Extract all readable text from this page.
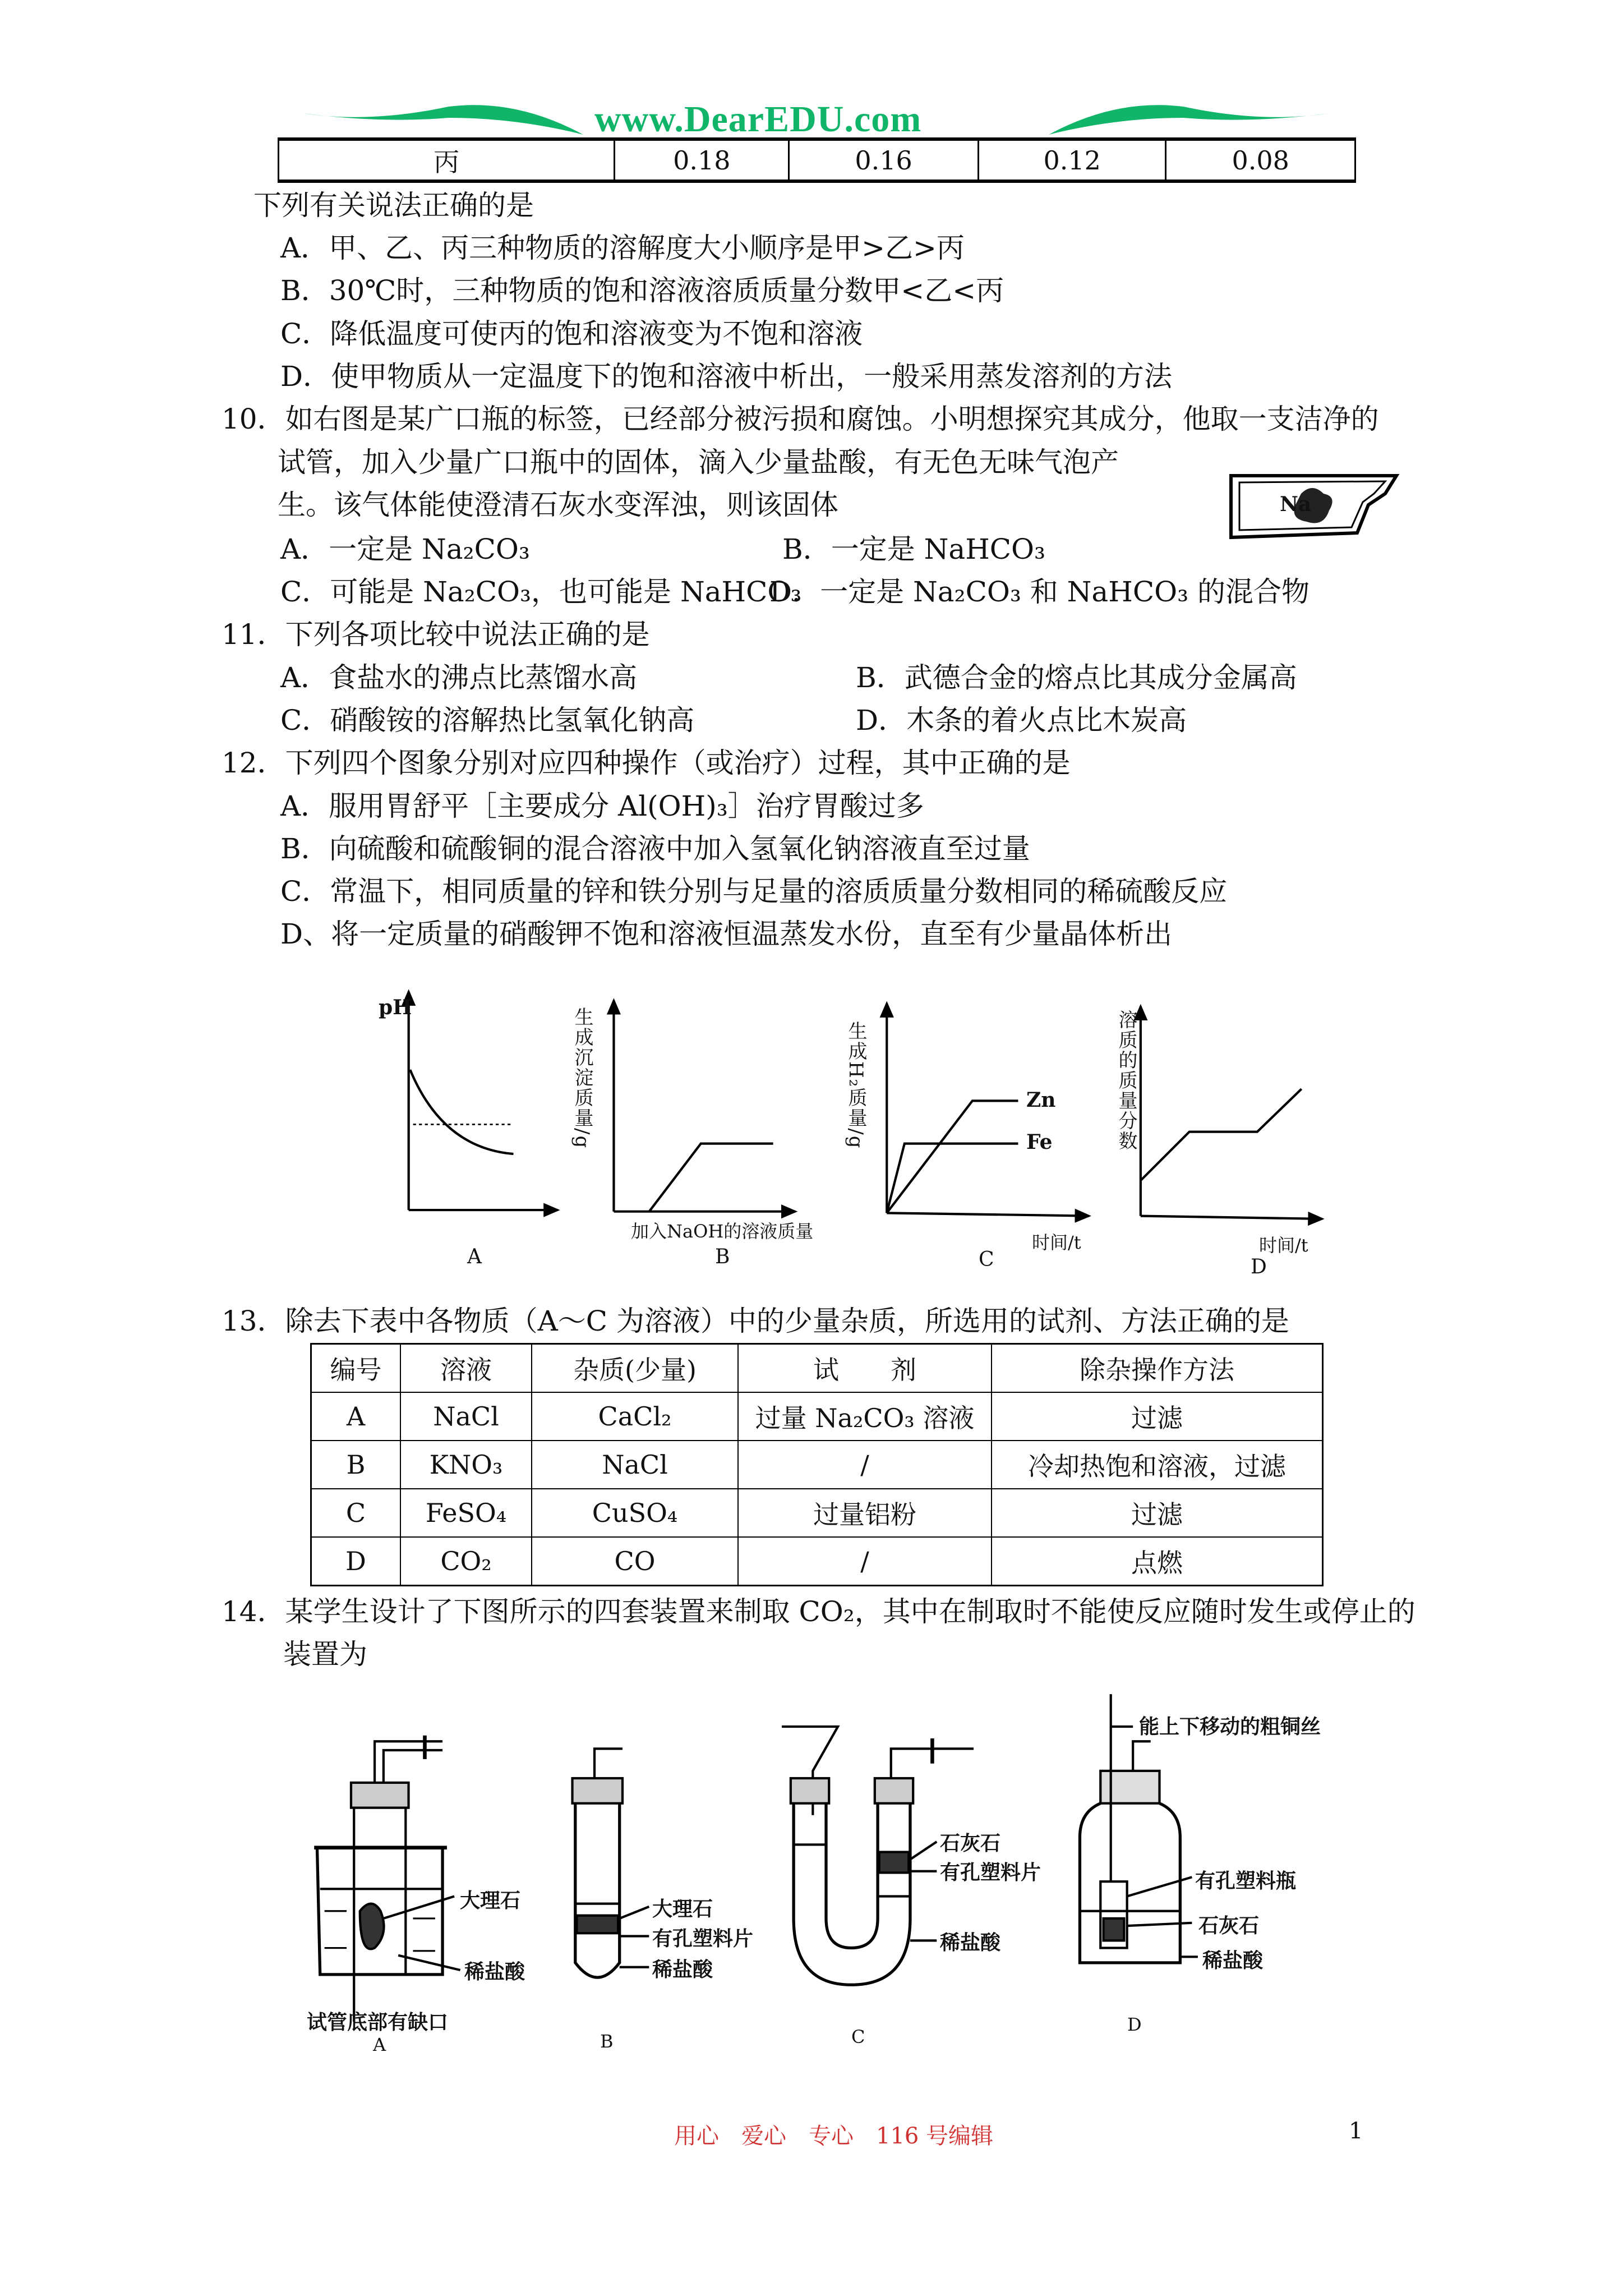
www.DearEDU.com
丙	0.18	0.16	0.12	0.08
下列有关说法正确的是
A．甲、乙、丙三种物质的溶解度大小顺序是甲>乙>丙
B．30℃时，三种物质的饱和溶液溶质质量分数甲<乙<丙
C．降低温度可使丙的饱和溶液变为不饱和溶液
D．使甲物质从一定温度下的饱和溶液中析出，一般采用蒸发溶剂的方法
10．如右图是某广口瓶的标签，已经部分被污损和腐蚀。小明想探究其成分，他取一支洁净的
试管，加入少量广口瓶中的固体，滴入少量盐酸，有无色无味气泡产
生。该气体能使澄清石灰水变浑浊，则该固体	Na
A．一定是 Na₂CO₃	B．一定是 NaHCO₃
C．可能是 Na₂CO₃，也可能是 NaHCO₃
D．一定是 Na₂CO₃ 和 NaHCO₃ 的混合物
11．下列各项比较中说法正确的是
A．食盐水的沸点比蒸馏水高	B．武德合金的熔点比其成分金属高
C．硝酸铵的溶解热比氢氧化钠高	D．木条的着火点比木炭高
12．下列四个图象分别对应四种操作（或治疗）过程，其中正确的是
A．服用胃舒平［主要成分 Al(OH)₃］治疗胃酸过多
B．向硫酸和硫酸铜的混合溶液中加入氢氧化钠溶液直至过量
C．常温下，相同质量的锌和铁分别与足量的溶质质量分数相同的稀硫酸反应
D、将一定质量的硝酸钾不饱和溶液恒温蒸发水份，直至有少量晶体析出
pH
A
生成沉淀质量/g
加入NaOH的溶液质量
B
生成H₂质量/g	Zn
Fe
时间/t
C
溶质的质量分数
时间/t
D
13．除去下表中各物质（A～C 为溶液）中的少量杂质，所选用的试剂、方法正确的是
编号	溶液	杂质(少量)	试　　剂	除杂操作方法
A	NaCl	CaCl₂	过量 Na₂CO₃ 溶液	过滤
B	KNO₃	NaCl	/	冷却热饱和溶液，过滤
C	FeSO₄	CuSO₄	过量铝粉	过滤
D	CO₂	CO	/	点燃
14．某学生设计了下图所示的四套装置来制取 CO₂，其中在制取时不能使反应随时发生或停止的
装置为
大理石
稀盐酸
试管底部有缺口
A
大理石
有孔塑料片
稀盐酸
B
石灰石
有孔塑料片
稀盐酸
C
能上下移动的粗铜丝
有孔塑料瓶
石灰石
稀盐酸
D
用心　爱心　专心　116 号编辑	1
